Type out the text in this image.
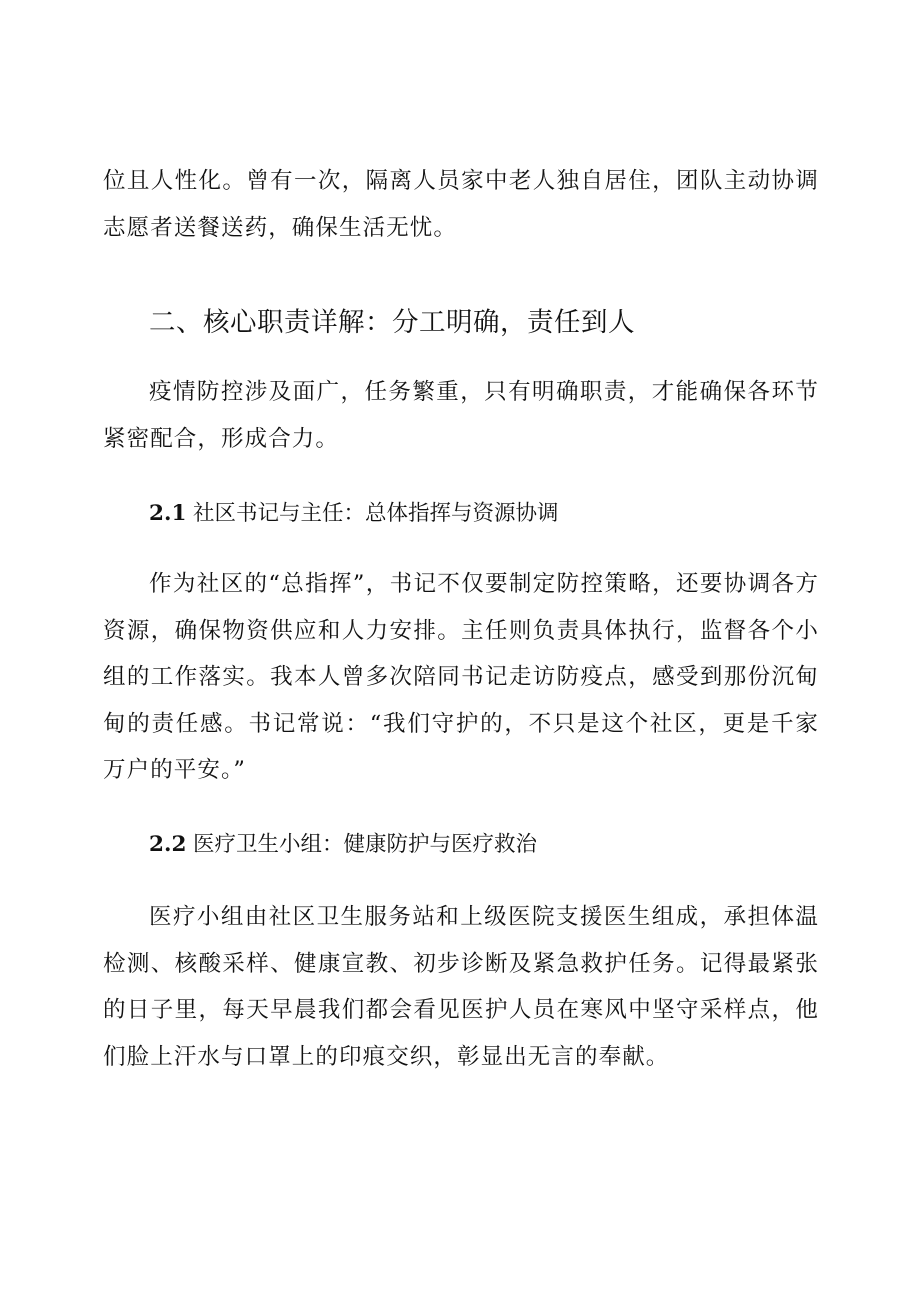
位且人性化。曾有一次，隔离人员家中老人独自居住，团队主动协调志愿者送餐送药，确保生活无忧。

二、核心职责详解：分工明确，责任到人

疫情防控涉及面广，任务繁重，只有明确职责，才能确保各环节紧密配合，形成合力。

2.1 社区书记与主任：总体指挥与资源协调

作为社区的“总指挥”，书记不仅要制定防控策略，还要协调各方资源，确保物资供应和人力安排。主任则负责具体执行，监督各个小组的工作落实。我本人曾多次陪同书记走访防疫点，感受到那份沉甸甸的责任感。书记常说：“我们守护的，不只是这个社区，更是千家万户的平安。”

2.2 医疗卫生小组：健康防护与医疗救治

医疗小组由社区卫生服务站和上级医院支援医生组成，承担体温检测、核酸采样、健康宣教、初步诊断及紧急救护任务。记得最紧张的日子里，每天早晨我们都会看见医护人员在寒风中坚守采样点，他们脸上汗水与口罩上的印痕交织，彰显出无言的奉献。
